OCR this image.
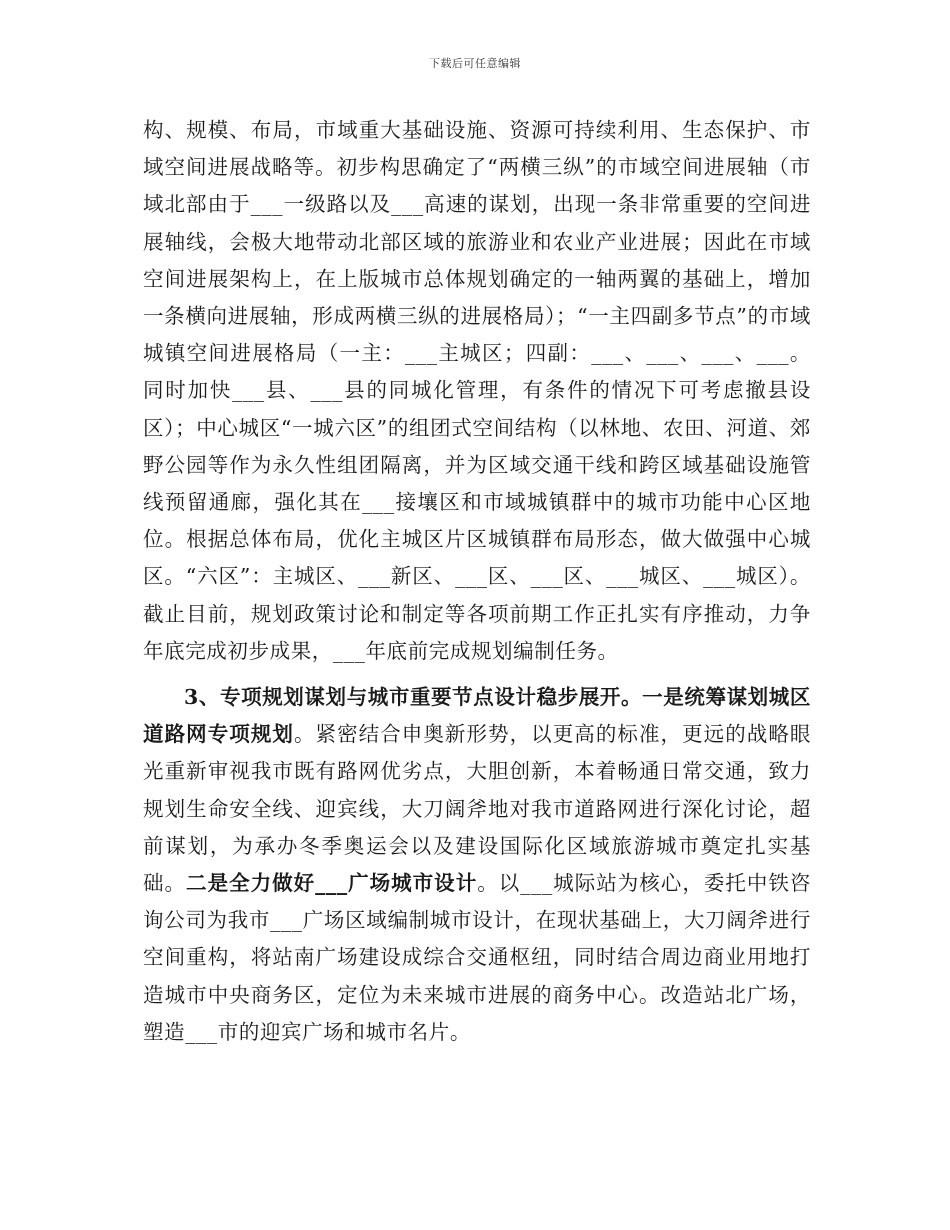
下载后可任意编辑

构、规模、布局，市域重大基础设施、资源可持续利用、生态保护、市域空间进展战略等。初步构思确定了“两横三纵”的市域空间进展轴（市域北部由于___一级路以及___高速的谋划，出现一条非常重要的空间进展轴线，会极大地带动北部区域的旅游业和农业产业进展；因此在市域空间进展架构上，在上版城市总体规划确定的一轴两翼的基础上，增加一条横向进展轴，形成两横三纵的进展格局）；“一主四副多节点”的市域城镇空间进展格局（一主：___主城区；四副：___、___、___、___。同时加快___县、___县的同城化管理，有条件的情况下可考虑撤县设区）；中心城区“一城六区”的组团式空间结构（以林地、农田、河道、郊野公园等作为永久性组团隔离，并为区域交通干线和跨区域基础设施管线预留通廊，强化其在___接壤区和市域城镇群中的城市功能中心区地位。根据总体布局，优化主城区片区城镇群布局形态，做大做强中心城区。“六区”：主城区、___新区、___区、___区、___城区、___城区）。截止目前，规划政策讨论和制定等各项前期工作正扎实有序推动，力争年底完成初步成果，___年底前完成规划编制任务。

3、专项规划谋划与城市重要节点设计稳步展开。一是统筹谋划城区道路网专项规划。紧密结合申奥新形势，以更高的标准，更远的战略眼光重新审视我市既有路网优劣点，大胆创新，本着畅通日常交通，致力规划生命安全线、迎宾线，大刀阔斧地对我市道路网进行深化讨论，超前谋划，为承办冬季奥运会以及建设国际化区域旅游城市奠定扎实基础。二是全力做好___广场城市设计。以___城际站为核心，委托中铁咨询公司为我市___广场区域编制城市设计，在现状基础上，大刀阔斧进行空间重构，将站南广场建设成综合交通枢纽，同时结合周边商业用地打造城市中央商务区，定位为未来城市进展的商务中心。改造站北广场，塑造___市的迎宾广场和城市名片。
